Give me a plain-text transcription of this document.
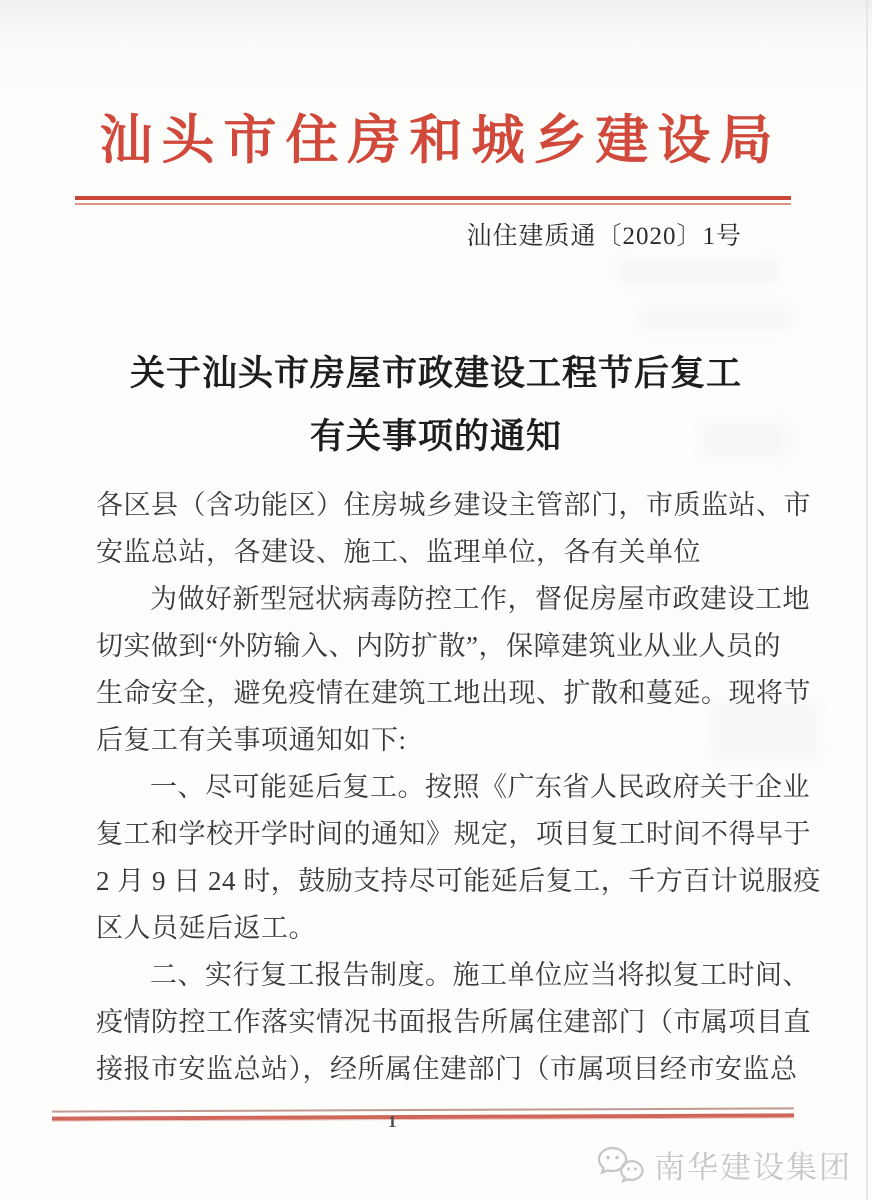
汕头市住房和城乡建设局
汕住建质通〔2020〕1号
关于汕头市房屋市政建设工程节后复工
有关事项的通知
各区县（含功能区）住房城乡建设主管部门，市质监站、市
安监总站，各建设、施工、监理单位，各有关单位
为做好新型冠状病毒防控工作，督促房屋市政建设工地
切实做到“外防输入、内防扩散”，保障建筑业从业人员的
生命安全，避免疫情在建筑工地出现、扩散和蔓延。现将节
后复工有关事项通知如下:
一、尽可能延后复工。按照《广东省人民政府关于企业
复工和学校开学时间的通知》规定，项目复工时间不得早于
2 月 9 日 24 时，鼓励支持尽可能延后复工，千方百计说服疫
区人员延后返工。
二、实行复工报告制度。施工单位应当将拟复工时间、
疫情防控工作落实情况书面报告所属住建部门（市属项目直
接报市安监总站），经所属住建部门（市属项目经市安监总
1
南华建设集团
